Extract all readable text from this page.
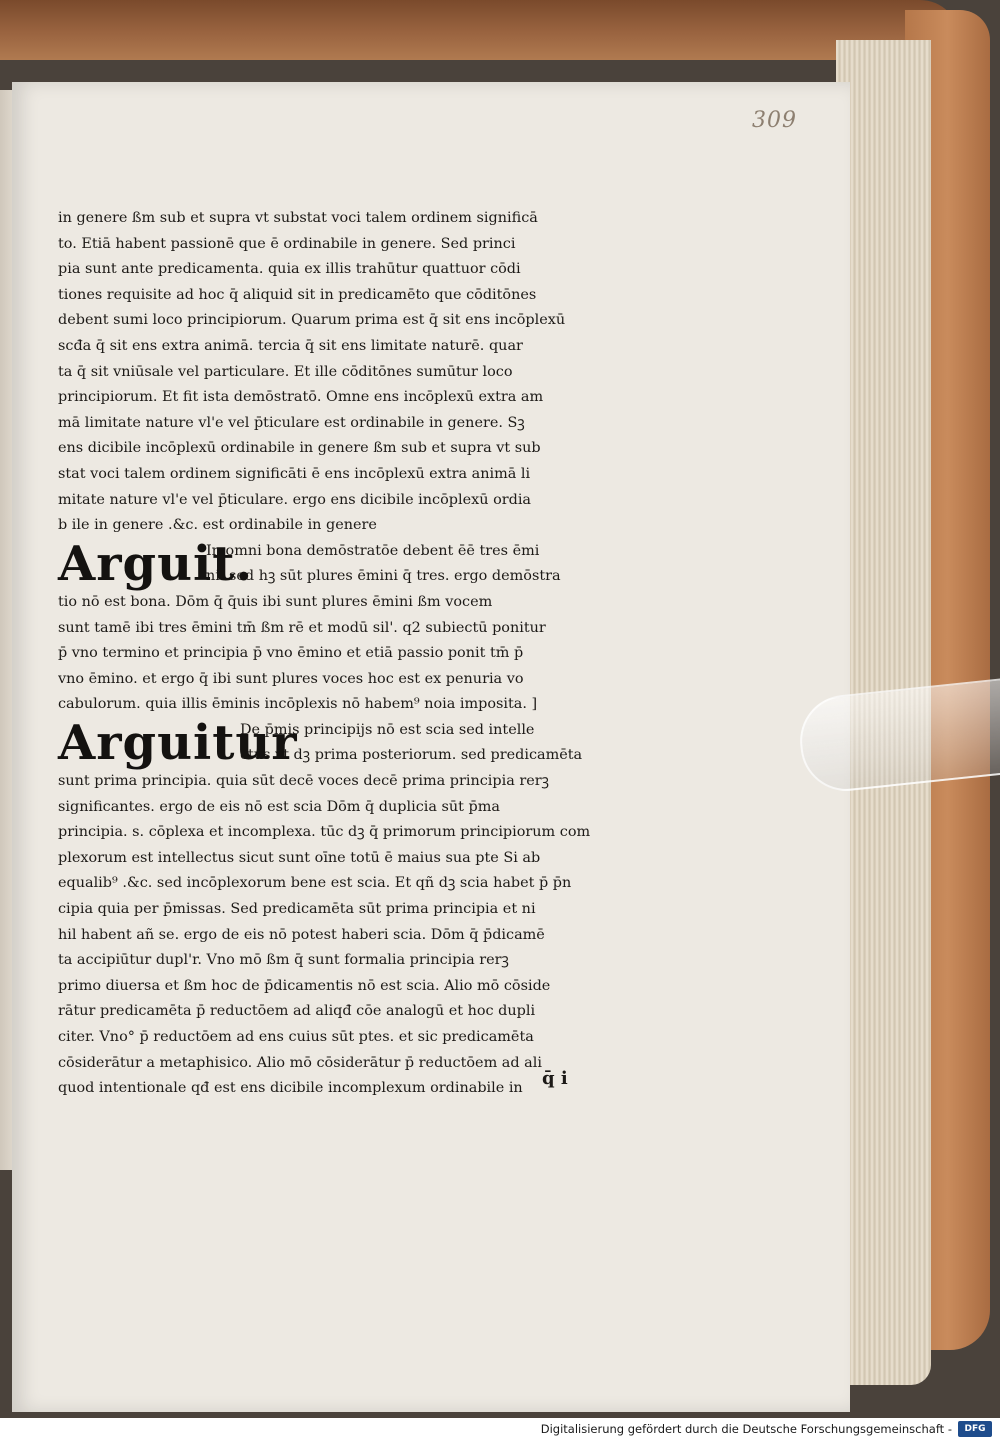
309
in genere ßm sub et supra vt substat voci talem ordinem significā
to. Etiā habent passionē que ē ordinabile in genere. Sed princi
pia sunt ante predicamenta. quia ex illis trahūtur quattuor cōdi
tiones requisite ad hoc q̄ aliquid sit in predicamēto que cōditōnes
debent sumi loco principiorum. Quarum prima est q̄ sit ens incōplexū
scđa q̄ sit ens extra animā. tercia q̄ sit ens limitate naturē. quar
ta q̄ sit vniūsale vel particulare. Et ille cōditōnes sumūtur loco
principiorum. Et fit ista demōstratō. Omne ens incōplexū extra am
mā limitate nature vl'e vel p̄ticulare est ordinabile in genere. Sꝫ
ens dicibile incōplexū ordinabile in genere ßm sub et supra vt sub
stat voci talem ordinem significāti ē ens incōplexū extra animā li
mitate nature vl'e vel p̄ticulare. ergo ens dicibile incōplexū ordia
b ile in genere .&c. est ordinabile in genere
Arguit.
In omni bona demōstratōe debent ēē tres ēmi
ni. sed hꝫ sūt plures ēmini q̄ tres. ergo demōstra
tio nō est bona. Dōm q̄ q̄uis ibi sunt plures ēmini ßm vocem
sunt tamē ibi tres ēmini tm̄ ßm rē et modū sil'. q2 subiectū ponitur
p̄ vno termino et principia p̄ vno ēmino et etiā passio ponit tm̄ p̄
vno ēmino. et ergo q̄ ibi sunt plures voces hoc est ex penuria vo
cabulorum. quia illis ēminis incōplexis nō habem⁹ noia imposita. ]
Arguitur
De p̄mis principijs nō est scia sed intelle
ctus vt dꝫ prima posteriorum. sed predicamēta
sunt prima principia. quia sūt decē voces decē prima principia rerꝫ
significantes. ergo de eis nō est scia Dōm q̄ duplicia sūt p̄ma
principia. s. cōplexa et incomplexa. tūc dꝫ q̄ primorum principiorum com
plexorum est intellectus sicut sunt oīne totū ē maius sua pte Si ab
equalib⁹ .&c. sed incōplexorum bene est scia. Et qñ dꝫ scia habet p̄ p̄n
cipia quia per p̄missas. Sed predicamēta sūt prima principia et ni
hil habent añ se. ergo de eis nō potest haberi scia. Dōm q̄ p̄dicamē
ta accipiūtur dupl'r. Vno mō ßm q̄ sunt formalia principia rerꝫ
primo diuersa et ßm hoc de p̄dicamentis nō est scia. Alio mō cōside
rātur predicamēta p̄ reductōem ad aliqđ cōe analogū et hoc dupli
citer. Vno° p̄ reductōem ad ens cuius sūt ptes. et sic predicamēta
cōsiderātur a metaphisico. Alio mō cōsiderātur p̄ reductōem ad ali
quod intentionale qđ est ens dicibile incomplexum ordinabile in	q̄ i
Digitalisierung gefördert durch die Deutsche Forschungsgemeinschaft -	DFG
